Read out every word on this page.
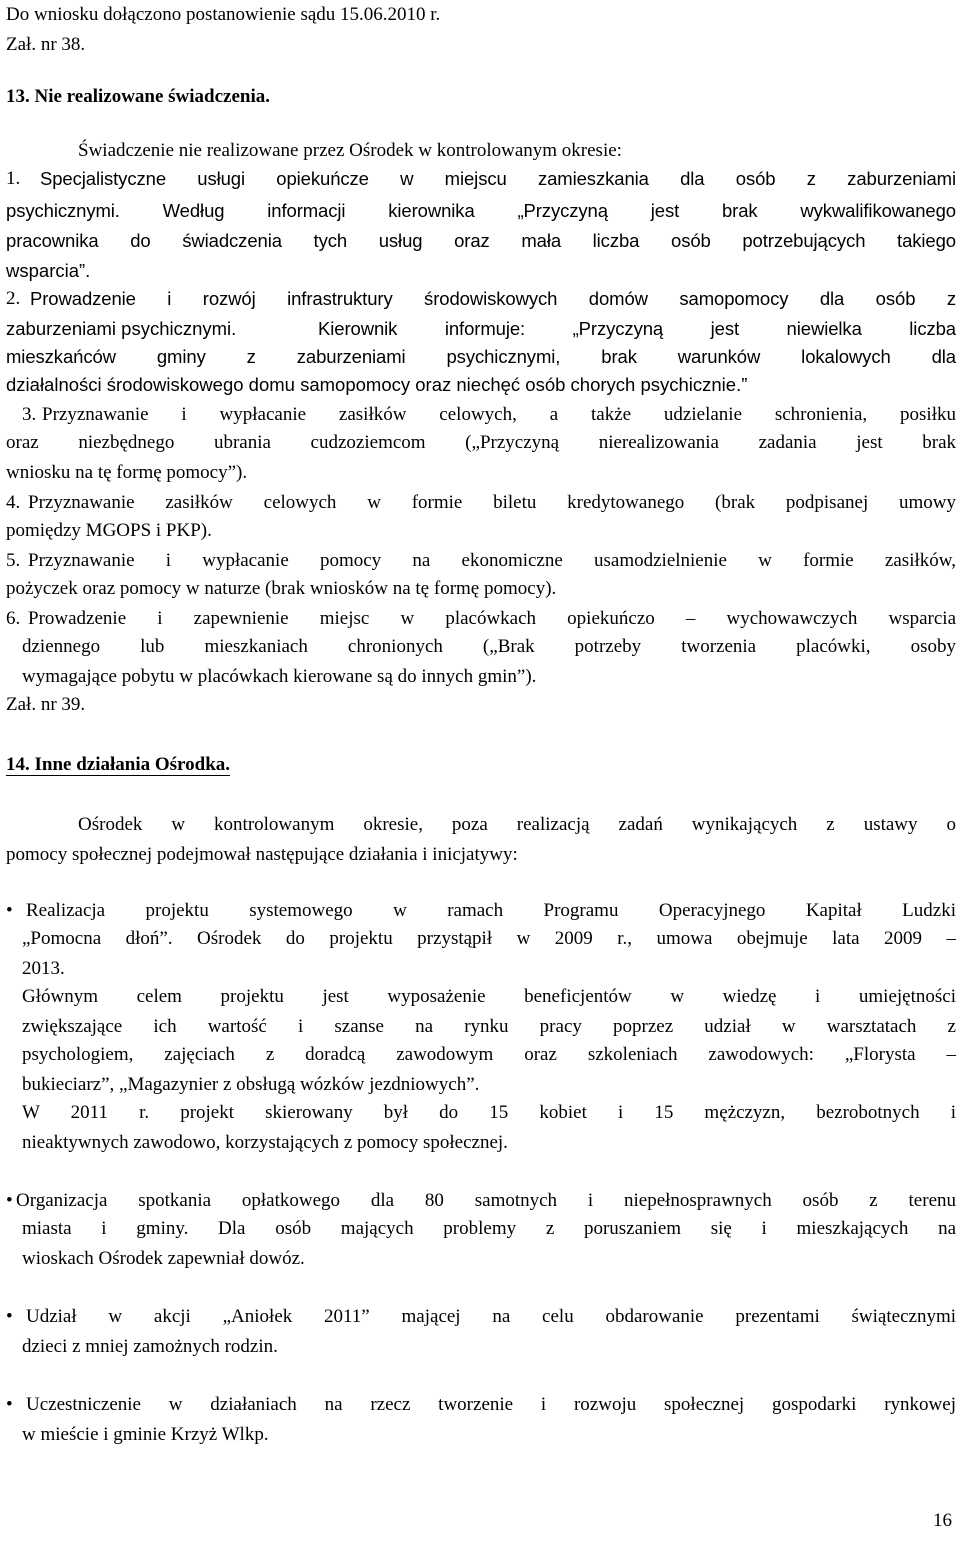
Do wniosku dołączono postanowienie sądu 15.06.2010 r.
Zał. nr 38.
13. Nie realizowane świadczenia.
Świadczenie nie realizowane przez Ośrodek w kontrolowanym okresie:
1.	Specjalistyczne usługi opiekuńcze w miejscu zamieszkania dla osób z zaburzeniami
psychicznymi. Według informacji kierownika „Przyczyną jest brak wykwalifikowanego
pracownika do świadczenia tych usług oraz mała liczba osób potrzebujących takiego
wsparcia”.
2. Prowadzenie i rozwój infrastruktury środowiskowych domów samopomocy dla osób z
zaburzeniami psychicznymi.	Kierownik informuje: „Przyczyną jest niewielka liczba
mieszkańców gminy z zaburzeniami psychicznymi, brak warunków lokalowych dla
działalności środowiskowego domu samopomocy oraz niechęć osób chorych psychicznie.”
3. Przyznawanie i wypłacanie zasiłków celowych, a także udzielanie schronienia, posiłku
oraz niezbędnego ubrania cudzoziemcom („Przyczyną nierealizowania zadania jest brak
wniosku na tę formę pomocy”).
4. Przyznawanie zasiłków celowych w formie biletu kredytowanego (brak podpisanej umowy
pomiędzy MGOPS i PKP).
5. Przyznawanie i wypłacanie pomocy na ekonomiczne usamodzielnienie w formie zasiłków,
pożyczek oraz pomocy w naturze (brak wniosków na tę formę pomocy).
6. Prowadzenie i zapewnienie miejsc w placówkach opiekuńczo – wychowawczych wsparcia
dziennego lub mieszkaniach chronionych („Brak potrzeby tworzenia placówki, osoby
wymagające pobytu w placówkach kierowane są do innych gmin”).
Zał. nr 39.
14. Inne działania Ośrodka.
Ośrodek w kontrolowanym okresie, poza realizacją zadań wynikających z ustawy o
pomocy społecznej podejmował następujące działania i inicjatywy:
• Realizacja projektu systemowego w ramach Programu Operacyjnego Kapitał Ludzki
„Pomocna dłoń”. Ośrodek do projektu przystąpił w 2009 r., umowa obejmuje lata 2009 –
2013.
Głównym celem projektu jest wyposażenie beneficjentów w wiedzę i umiejętności
zwiększające ich wartość i szanse na rynku pracy poprzez udział w warsztatach z
psychologiem, zajęciach z doradcą zawodowym oraz szkoleniach zawodowych: „Florysta –
bukieciarz”, „Magazynier z obsługą wózków jezdniowych”.
W 2011 r. projekt skierowany był do 15 kobiet i 15 mężczyzn, bezrobotnych i
nieaktywnych zawodowo, korzystających z pomocy społecznej.
• Organizacja spotkania opłatkowego dla 80 samotnych i niepełnosprawnych osób z terenu
miasta i gminy. Dla osób mających problemy z poruszaniem się i mieszkających na
wioskach Ośrodek zapewniał dowóz.
• Udział w akcji „Aniołek 2011” mającej na celu obdarowanie prezentami świątecznymi
dzieci z mniej zamożnych rodzin.
• Uczestniczenie w działaniach na rzecz tworzenie i rozwoju społecznej gospodarki rynkowej
w mieście i gminie Krzyż Wlkp.
16
